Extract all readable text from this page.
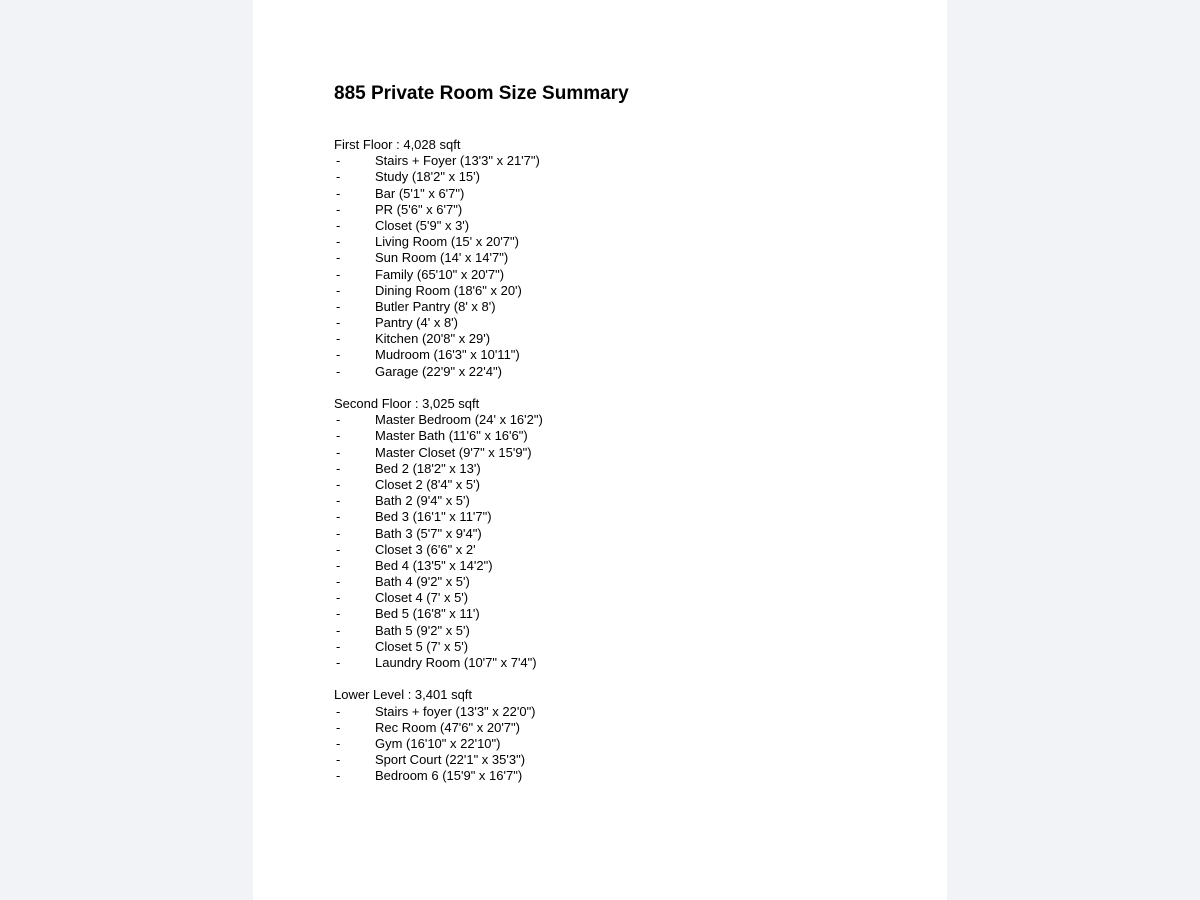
885 Private Room Size Summary
First Floor : 4,028 sqft
-	Stairs + Foyer (13'3" x 21'7")
-	Study (18'2" x 15')
-	Bar (5'1" x 6'7")
-	PR (5'6" x 6'7")
-	Closet (5'9" x 3')
-	Living Room (15' x 20'7")
-	Sun Room (14' x 14'7")
-	Family (65'10" x 20'7")
-	Dining Room (18'6" x 20')
-	Butler Pantry (8' x 8')
-	Pantry (4' x 8')
-	Kitchen (20'8" x 29')
-	Mudroom (16'3" x 10'11")
-	Garage (22'9" x 22'4")
Second Floor : 3,025 sqft
-	Master Bedroom (24' x 16'2")
-	Master Bath (11'6" x 16'6")
-	Master Closet (9'7" x 15'9")
-	Bed 2 (18'2" x 13')
-	Closet 2 (8'4" x 5')
-	Bath 2 (9'4" x 5')
-	Bed 3 (16'1" x 11'7")
-	Bath 3 (5'7" x 9'4")
-	Closet 3 (6'6" x 2'
-	Bed 4 (13'5" x 14'2")
-	Bath 4 (9'2" x 5')
-	Closet 4 (7' x 5')
-	Bed 5 (16'8" x 11')
-	Bath 5 (9'2" x 5')
-	Closet 5 (7' x 5')
-	Laundry Room (10'7" x 7'4")
Lower Level : 3,401 sqft
-	Stairs + foyer (13'3" x 22'0")
-	Rec Room (47'6" x 20'7")
-	Gym (16'10" x 22'10")
-	Sport Court (22'1" x 35'3")
-	Bedroom 6 (15'9" x 16'7")
